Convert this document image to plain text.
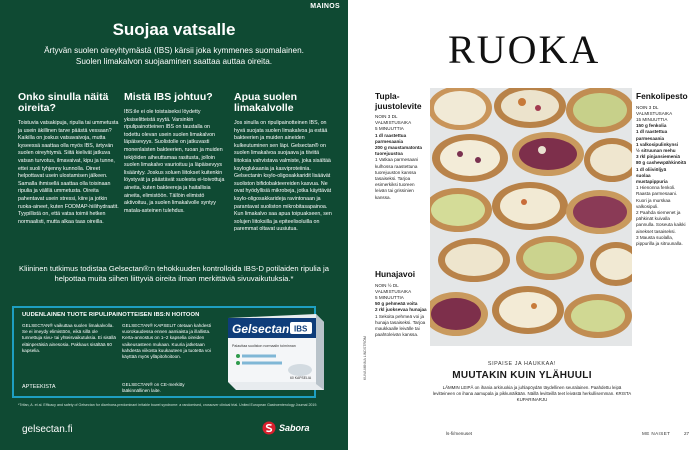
MAINOS
Suojaa vatsalle

Ärtyvän suolen oireyhtymästä (IBS) kärsii joka kymmenes suomalainen.

Suolen limakalvon suojaaminen saattaa auttaa oireita.

Onko sinulla näitä oireita?

Toistuvia vatsakipuja, ripulia tai ummetusta ja usein äkillinen tarve päästä vessaan? Kaikilla on joskus vatsavaivoja, mutta kyseessä saattaa olla myös IBS, ärtyvän suolen oireyhtymä. Siitä kielivät jatkuva vatsan turvotus, ilmavaivat, kipu ja tunne, ettei suoli tyhjenny kunnolla. Oireet helpottavat usein ulostamisen jälkeen. Samalla ihmisellä saattaa olla toisinaan ripulia ja välillä ummetusta. Oireita pahentavat usein stressi, kiire ja jotkin ruoka-aineet, kuten FODMAP-hiilihydraatit. Tyypillistä on, että vatsa toimii hetken normaalisti, mutta alkaa taas oireilla.

Mistä IBS johtuu?

IBS:ile ei ole toistaiseksi löydetty yksiselitteistä syytä. Varsinkin ripulipainotteinen IBS on taustalla on todettu olevan usein suolen limakalvon läpäisevyys. Suolistolle on jatkuvasti monenlaisten bakteerien, ruoan ja muiden tekijöiden aiheuttamaa rasitusta, jolloin suolen limakalvo vaurioituu ja läpäisevyys lisääntyy. Joskus soluen liitokset kuitenkin löystyvät ja päästävät suolesta ei-toivottuja aineita, kuten bakteereja ja haitallisia aineita, elimistöön. Tällöin elimistö aktivoituu, ja suolen limakalvolle syntyy matala-asteinen tulehdus.

Apua suolen limakalvolle

Jos sinulla on ripulipainotteinen IBS, on hyvä suojata suolen limakalvoa ja estää bakteerien ja muiden aineiden kulkeutuminen sen läpi. Gelsectan® on suolen limakalvoa suojaava ja tiiviitä liitoksia vahvistava valmiste, joka sisältää ksyloglukaania ja kasviproteiinia. Gelsectanin ksylo-oligosakkaridit lisäävät suoliston bifidobakteereiden kasvua. Ne ovat hyödyllisiä mikrobeja, jotka käyttävät ksylo-oligosakkarideja ravintonaan ja parantavat suoliston mikrobitasapainoa. Kun limakalvo saa apua toipuakseen, sen solujen liitoksilla ja epiteelisoluilla on paremmat oltavat uusiutua.

Kliininen tutkimus todistaa Gelsectan®:n tehokkuuden kontrolloida IBS-D potilaiden ripulia ja helpottaa muita siihen liittyviä oireita ilman merkittäviä sivuvaikutuksia.*
UUDENLAINEN TUOTE RIPULIPAINOTTEISEN IBS:N HOITOON
GELSECTAN® vaikuttaa suolen limakalvolla. Se ei imeydy elimistöön, eikä sillä ole tunnettuja sivu- tai yhteisvaikutuksia. Ei sisällä eläinperäisiä ainesosia. Pakkaus sisältää 60 kapselia.
GELSECTAN® KAPSELIT otetaan kahdesti vuorokaudessa ennen aamiaista ja illallista. Kerta-annostus on 1–2 kapselia oireiden vaikeusasteen mukaan. Kuuria jatketaan kahdesta viikosta kuukauteen ja tuotetta voi käyttää myös ylläpitohoitoon.
GELSECTAN® on CE-merkitty lääkinnällinen laite.
APTEEKISTA
Gelsectan IBS
Palauttaa suoliston normaalin toiminnan
60 KAPSELIA
*Trifan, A. et al. Efficacy and safety of Gelsectan for diarrhoea-predominant irritable bowel syndrome: a randomised, crossover clinical trial. United European Gastroenterology Journal 2019.
gelsectan.fi	Sabora
RUOKA
Tupla-juustolevite
NOIN 3 DL
VALMISTUSAIKA
5 MINUUTTIA
1 dl raastettua parmesaania
200 g maustamatonta tuorejuustoa
1 Vatkaa parmesaani kulhossa raastettuna tuorejuuston kanssa tasaiseksi. Tarjoa esimerkiksi tuoreen leivän tai grissinien kanssa.
Hunajavoi
NOIN ½ DL
VALMISTUSAIKA
5 MINUUTTIA
50 g pehmeää voita
2 rkl juoksevaa hunajaa
1 Sekoita pehmeä voi ja hunaja tasaiseksi. Tarjoa maukkaalle leivälle tai paahtoleivän kanssa.
Fenkolipesto
NOIN 3 DL
VALMISTUSAIKA
15 MINUUTTIA
150 g fenkolia
1 dl raastettua parmesaania
1 valkosipulinkynsi
½ sitruunan mehu
3 rkl pinjansiemeniä
80 g cashewpähkinöitä
1 dl oliiviöljyä
suolaa
mustapippuria
1 Hienonna fenkoli. Raasta parmesaani. Kuori ja murskaa valkosipuli.
2 Paahda siemenet ja pähkinät kuivalla pannulla. Soseuta kaikki ainekset tasaiseksi.
3 Mausta suolalla, pippurilla ja sitruunalla.
SIPAISE JA HAUKKAA!
MUUTAKIN KUIN YLÄHUULI
LÄMMIN LEIPÄ on ihania arkiruokia ja juhlapöydän täydellinen seuralainen. Paahdettu leipä levitteineen on ihana aamupala ja pikkunälkään. Näillä levitteillä teet leivästä herkullisemman. KRISTA KUPARINARJU
KUVA MINNA LINDSTRÖM
ls-fi/menuset	ME NAISET	27
